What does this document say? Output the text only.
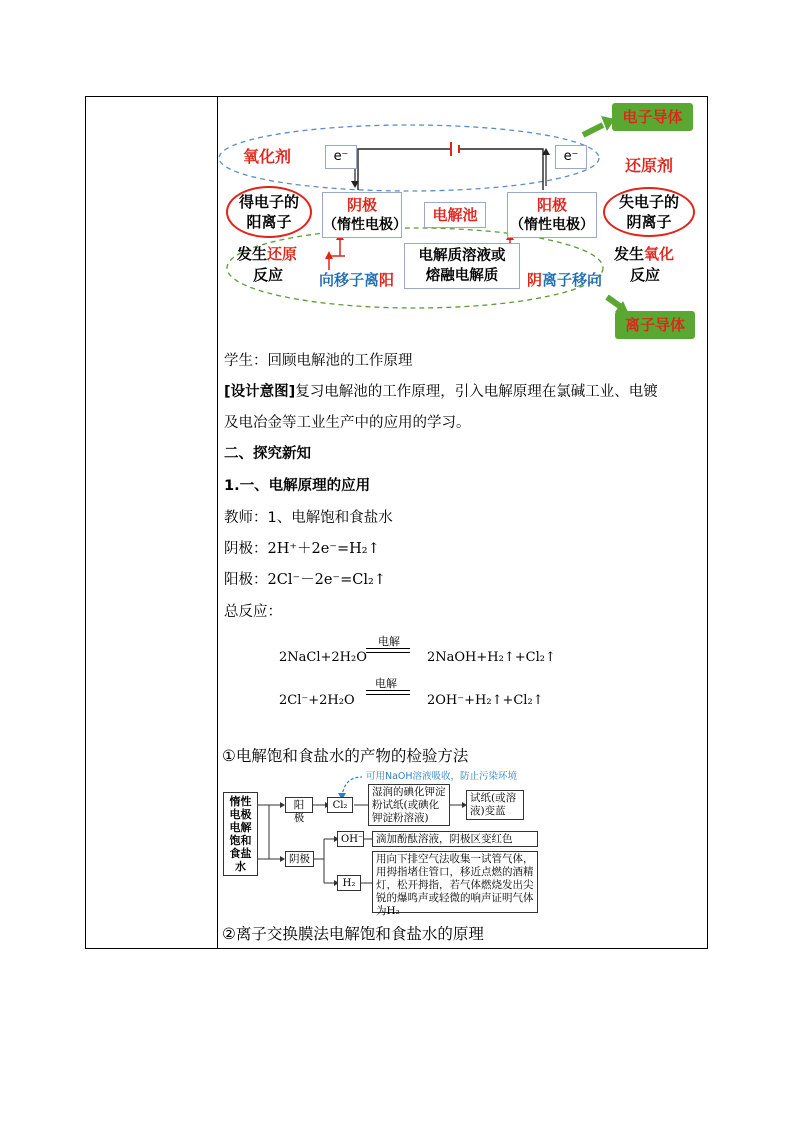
电子导体
离子导体
氧化剂	还原剂
e⁻	e⁻
得电子的
阳离子
失电子的
阴离子
阴极
（惰性电极）
电解池
阳极
（惰性电极）
发生还原
反应
发生氧化
反应
电解质溶液或
熔融电解质
向移子离阳	阴离子移向
学生：回顾电解池的工作原理
[设计意图]复习电解池的工作原理，引入电解原理在氯碱工业、电镀
及电冶金等工业生产中的应用的学习。
二、探究新知
1.一、电解原理的应用
教师：1、电解饱和食盐水
阴极：2H⁺＋2e⁻=H₂↑
阳极：2Cl⁻－2e⁻=Cl₂↑
总反应：
2NaCl+2H₂O
电解
2NaOH+H₂↑+Cl₂↑
2Cl⁻+2H₂O
电解
2OH⁻+H₂↑+Cl₂↑
①电解饱和食盐水的产物的检验方法
惰性电极电解饱和食盐水
阳极
Cl₂
湿润的碘化钾淀粉试纸(或碘化钾淀粉溶液)
试纸(或溶液)变蓝
可用NaOH溶液吸收，防止污染环境
阴极
OH⁻	滴加酚酞溶液，阴极区变红色
H₂
用向下排空气法收集一试管气体，用拇指堵住管口，移近点燃的酒精灯，松开拇指，若气体燃烧发出尖锐的爆鸣声或轻微的响声证明气体为H₂
②离子交换膜法电解饱和食盐水的原理
